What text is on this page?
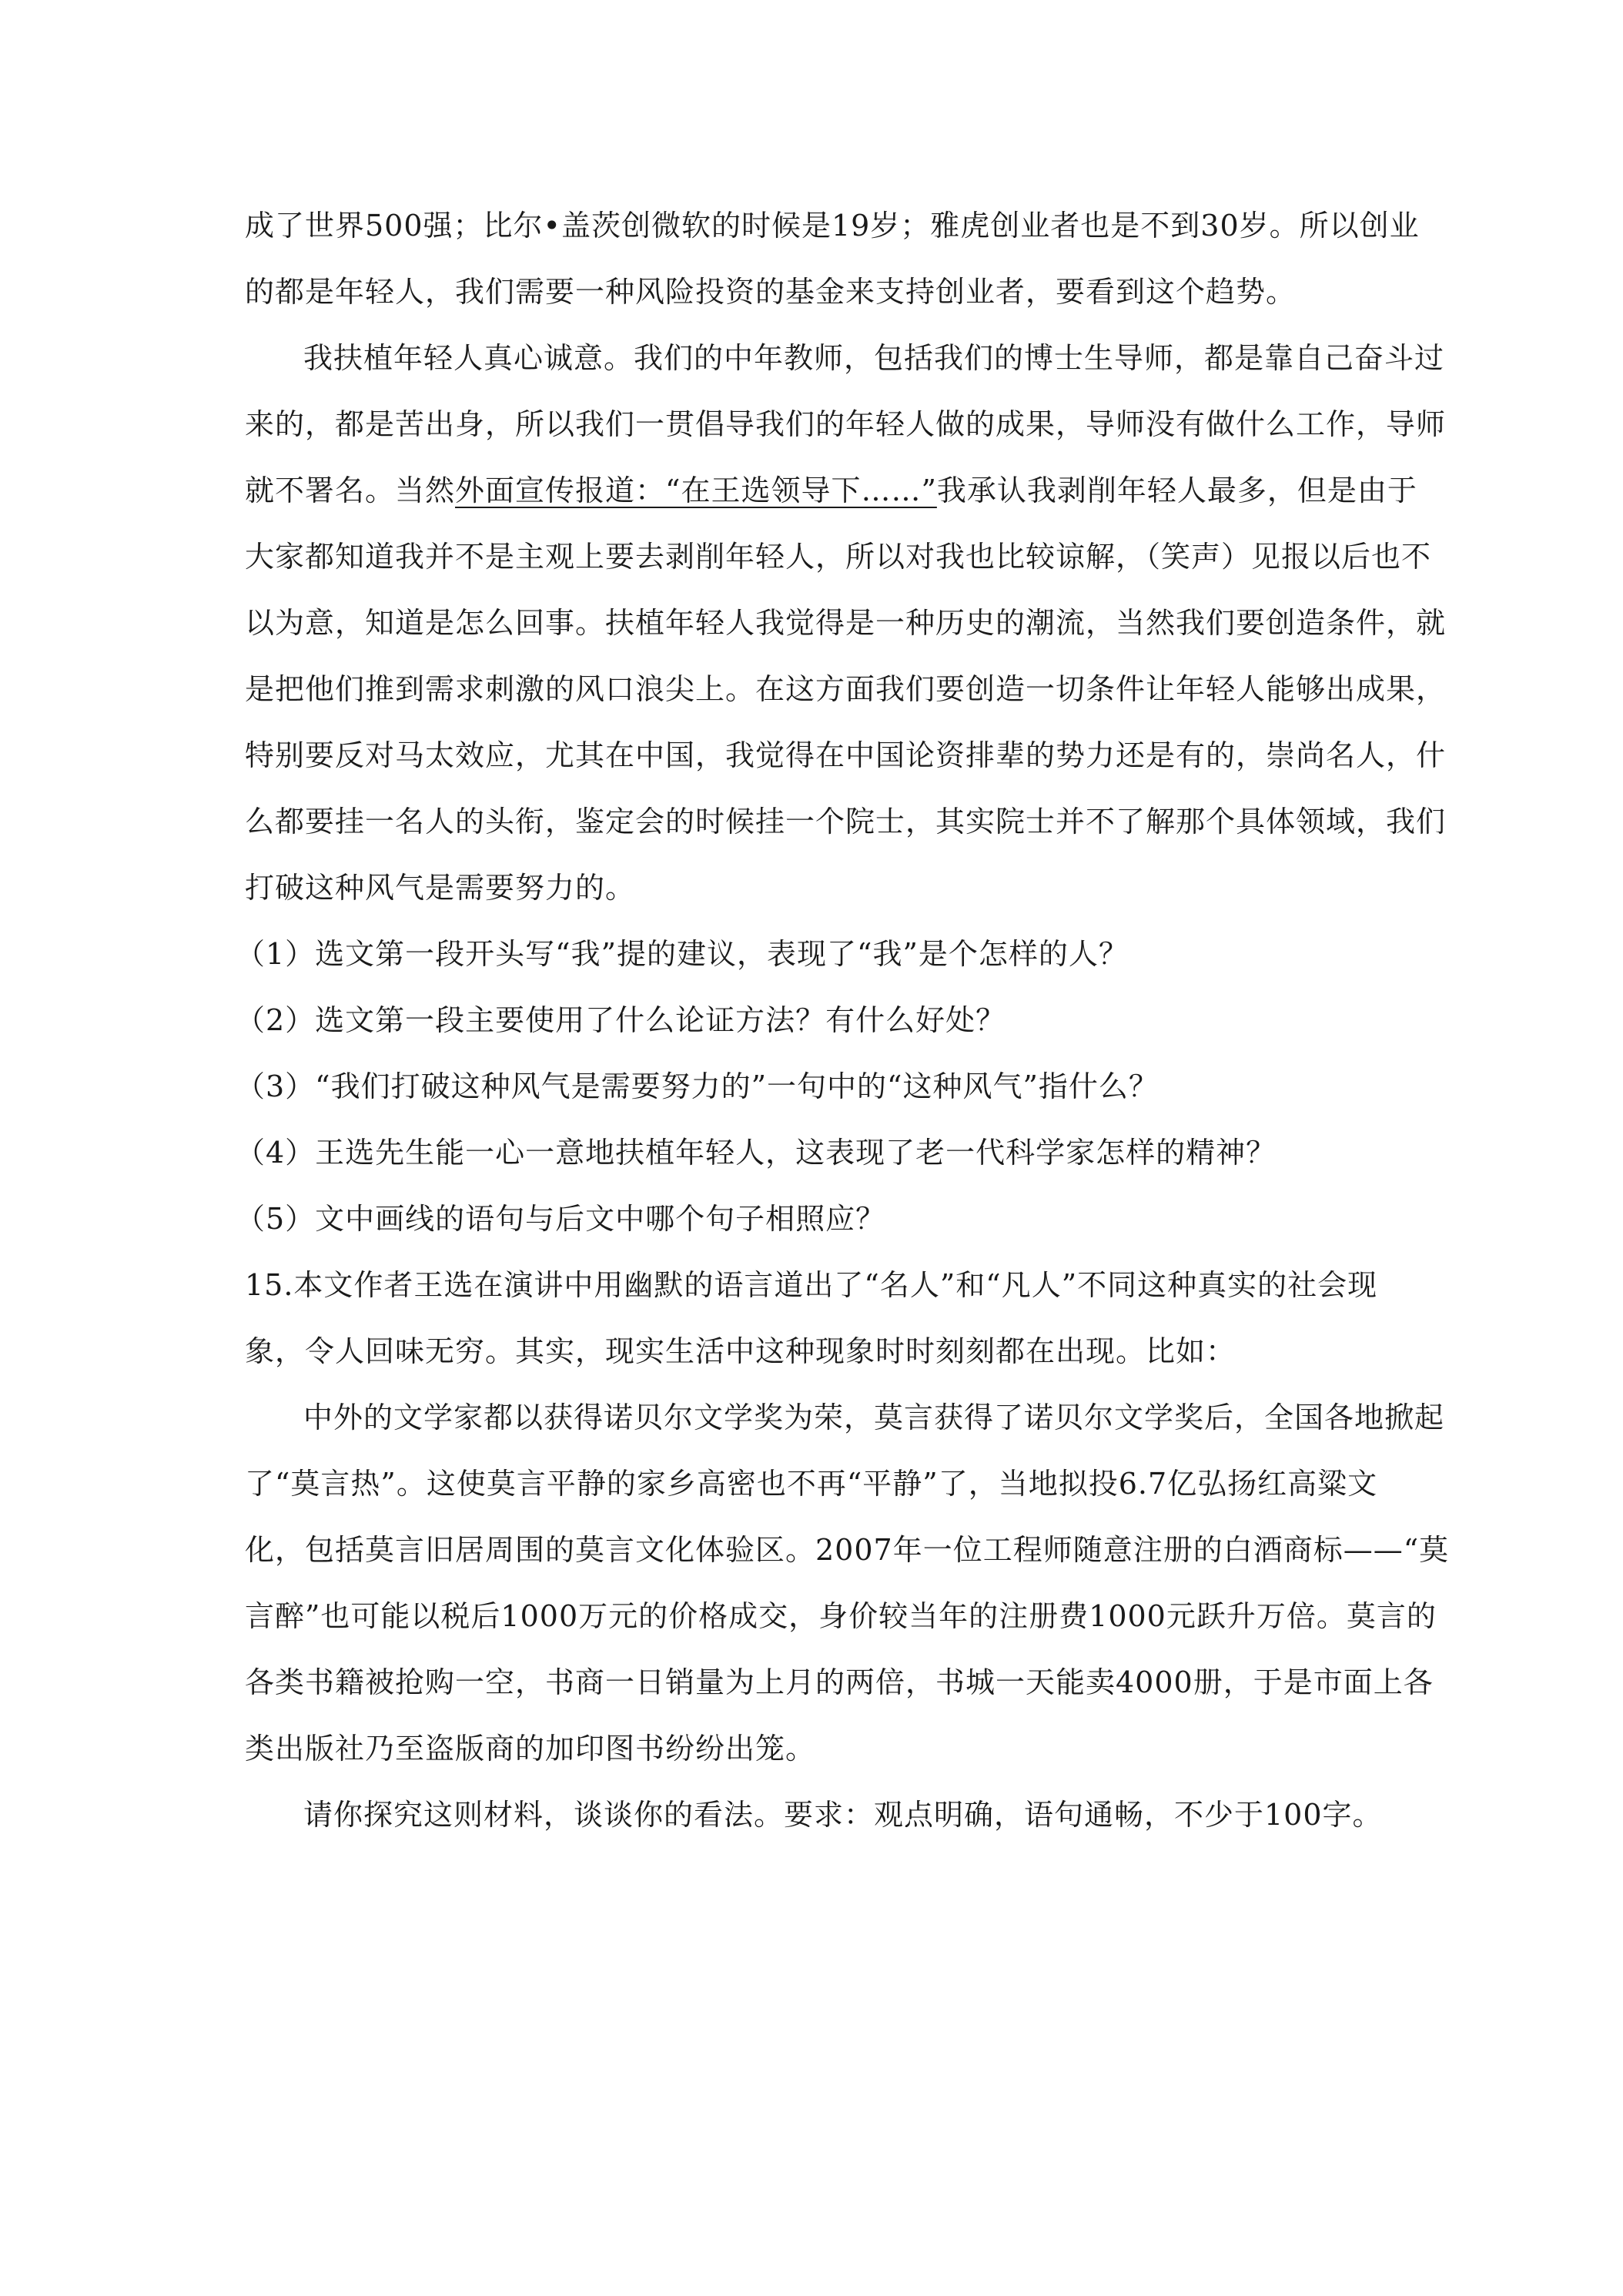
成了世界500强；比尔•盖茨创微软的时候是19岁；雅虎创业者也是不到30岁。所以创业
的都是年轻人，我们需要一种风险投资的基金来支持创业者，要看到这个趋势。
我扶植年轻人真心诚意。我们的中年教师，包括我们的博士生导师，都是靠自己奋斗过
来的，都是苦出身，所以我们一贯倡导我们的年轻人做的成果，导师没有做什么工作，导师
就不署名。当然外面宣传报道：“在王选领导下……”我承认我剥削年轻人最多，但是由于
大家都知道我并不是主观上要去剥削年轻人，所以对我也比较谅解，（笑声）见报以后也不
以为意，知道是怎么回事。扶植年轻人我觉得是一种历史的潮流，当然我们要创造条件，就
是把他们推到需求刺激的风口浪尖上。在这方面我们要创造一切条件让年轻人能够出成果，
特别要反对马太效应，尤其在中国，我觉得在中国论资排辈的势力还是有的，崇尚名人，什
么都要挂一名人的头衔，鉴定会的时候挂一个院士，其实院士并不了解那个具体领域，我们
打破这种风气是需要努力的。
（1）选文第一段开头写“我”提的建议，表现了“我”是个怎样的人？
（2）选文第一段主要使用了什么论证方法？有什么好处？
（3）“我们打破这种风气是需要努力的”一句中的“这种风气”指什么？
（4）王选先生能一心一意地扶植年轻人，这表现了老一代科学家怎样的精神？
（5）文中画线的语句与后文中哪个句子相照应？
15.本文作者王选在演讲中用幽默的语言道出了“名人”和“凡人”不同这种真实的社会现
象，令人回味无穷。其实，现实生活中这种现象时时刻刻都在出现。比如：
中外的文学家都以获得诺贝尔文学奖为荣，莫言获得了诺贝尔文学奖后，全国各地掀起
了“莫言热”。这使莫言平静的家乡高密也不再“平静”了，当地拟投6.7亿弘扬红高粱文
化，包括莫言旧居周围的莫言文化体验区。2007年一位工程师随意注册的白酒商标——“莫
言醉”也可能以税后1000万元的价格成交，身价较当年的注册费1000元跃升万倍。莫言的
各类书籍被抢购一空，书商一日销量为上月的两倍，书城一天能卖4000册，于是市面上各
类出版社乃至盗版商的加印图书纷纷出笼。
请你探究这则材料，谈谈你的看法。要求：观点明确，语句通畅，不少于100字。
